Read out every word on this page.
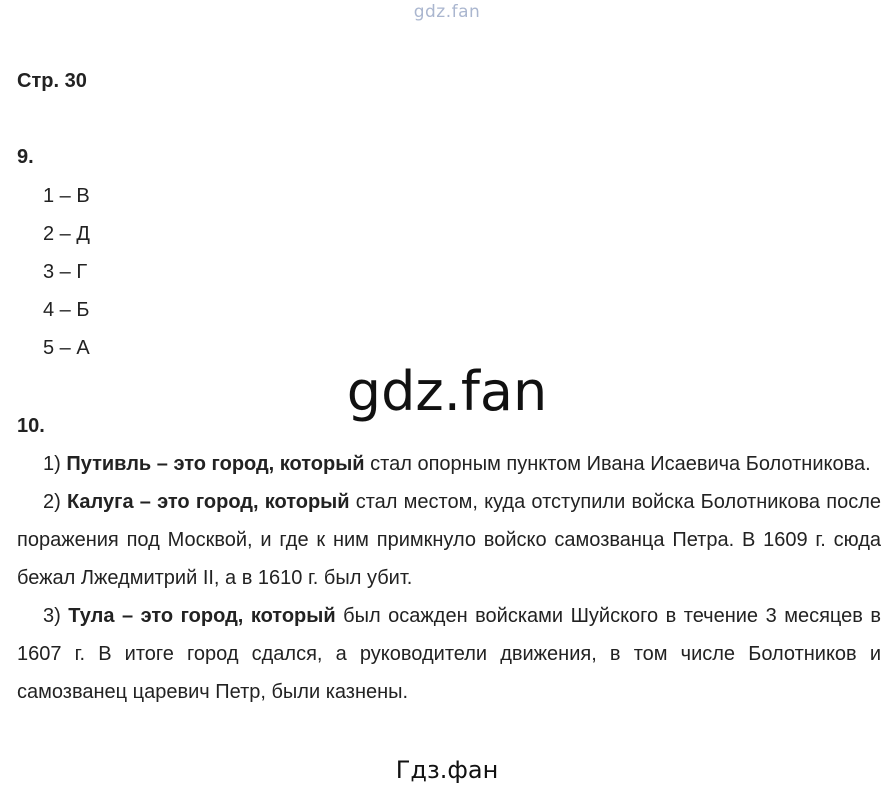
gdz.fan
Стр. 30
9.
1 – В
2 – Д
3 – Г
4 – Б
5 – А
gdz.fan
10.

1) Путивль – это город, который стал опорным пунктом Ивана Исаевича Болотникова.

2) Калуга – это город, который стал местом, куда отступили войска Болотникова после поражения под Москвой, и где к ним примкнуло войско самозванца Петра. В 1609 г. сюда бежал Лжедмитрий II, а в 1610 г. был убит.

3) Тула – это город, который был осажден войсками Шуйского в течение 3 месяцев в 1607 г. В итоге город сдался, а руководители движения, в том числе Болотников и самозванец царевич Петр, были казнены.

Гдз.фан
